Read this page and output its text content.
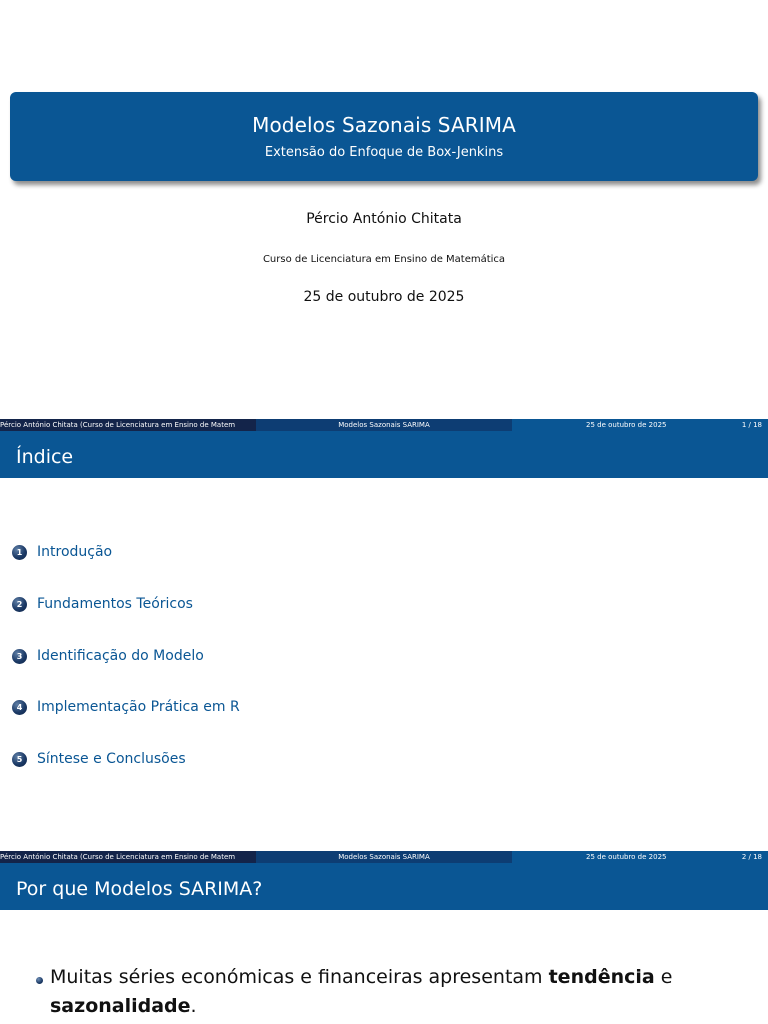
Modelos Sazonais SARIMA
Extensão do Enfoque de Box-Jenkins
Pércio António Chitata
Curso de Licenciatura em Ensino de Matemática
25 de outubro de 2025
Pércio António Chitata (Curso de Licenciatura em Ensino de Matem	Modelos Sazonais SARIMA	25 de outubro de 2025	1 / 18
Índice
1	Introdução
2	Fundamentos Teóricos
3	Identificação do Modelo
4	Implementação Prática em R
5	Síntese e Conclusões
Pércio António Chitata (Curso de Licenciatura em Ensino de Matem	Modelos Sazonais SARIMA	25 de outubro de 2025	2 / 18
Por que Modelos SARIMA?
Muitas séries económicas e financeiras apresentam tendência e sazonalidade.
